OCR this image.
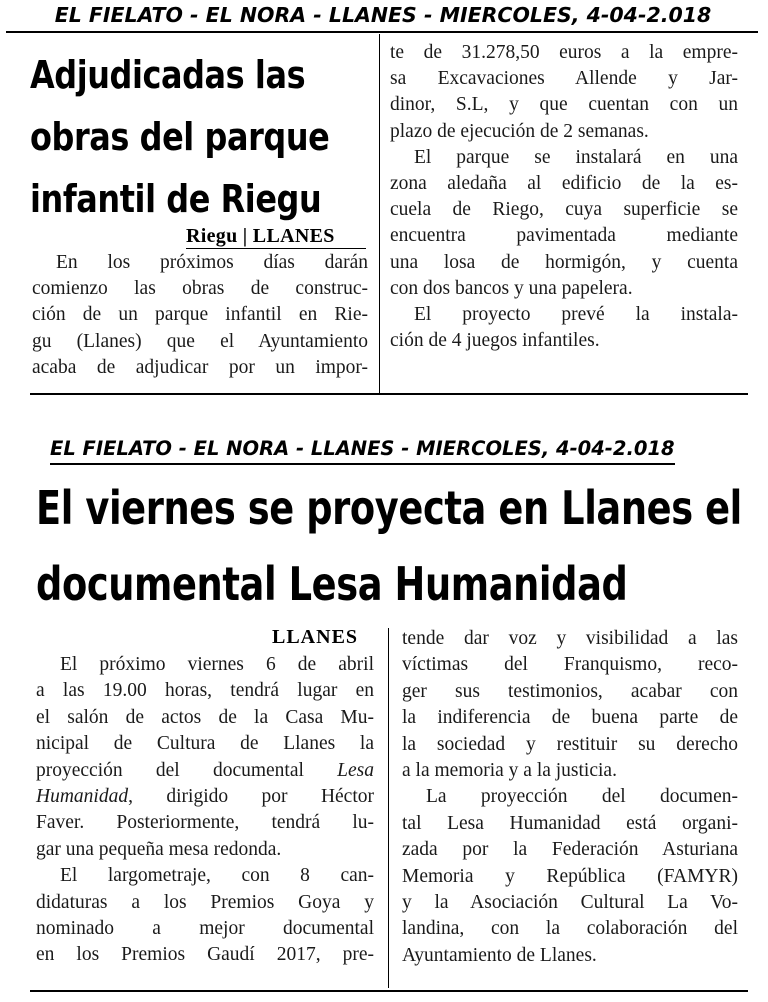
EL FIELATO - EL NORA - LLANES - MIERCOLES, 4-04-2.018
Adjudicadas las
obras del parque
infantil de Riegu
Riegu | LLANES
En los próximos días darán
comienzo las obras de construc-
ción de un parque infantil en Rie-
gu (Llanes) que el Ayuntamiento
acaba de adjudicar por un impor-
te de 31.278,50 euros a la empre-
sa Excavaciones Allende y Jar-
dinor, S.L, y que cuentan con un
plazo de ejecución de 2 semanas.
El parque se instalará en una
zona aledaña al edificio de la es-
cuela de Riego, cuya superficie se
encuentra pavimentada mediante
una losa de hormigón, y cuenta
con dos bancos y una papelera.
El proyecto prevé la instala-
ción de 4 juegos infantiles.
EL FIELATO - EL NORA - LLANES - MIERCOLES, 4-04-2.018
El viernes se proyecta en Llanes el
documental Lesa Humanidad
LLANES
El próximo viernes 6 de abril
a las 19.00 horas, tendrá lugar en
el salón de actos de la Casa Mu-
nicipal de Cultura de Llanes la
proyección del documental Lesa
Humanidad, dirigido por Héctor
Faver. Posteriormente, tendrá lu-
gar una pequeña mesa redonda.
El largometraje, con 8 can-
didaturas a los Premios Goya y
nominado a mejor documental
en los Premios Gaudí 2017, pre-
tende dar voz y visibilidad a las
víctimas del Franquismo, reco-
ger sus testimonios, acabar con
la indiferencia de buena parte de
la sociedad y restituir su derecho
a la memoria y a la justicia.
La proyección del documen-
tal Lesa Humanidad está organi-
zada por la Federación Asturiana
Memoria y República (FAMYR)
y la Asociación Cultural La Vo-
landina, con la colaboración del
Ayuntamiento de Llanes.
